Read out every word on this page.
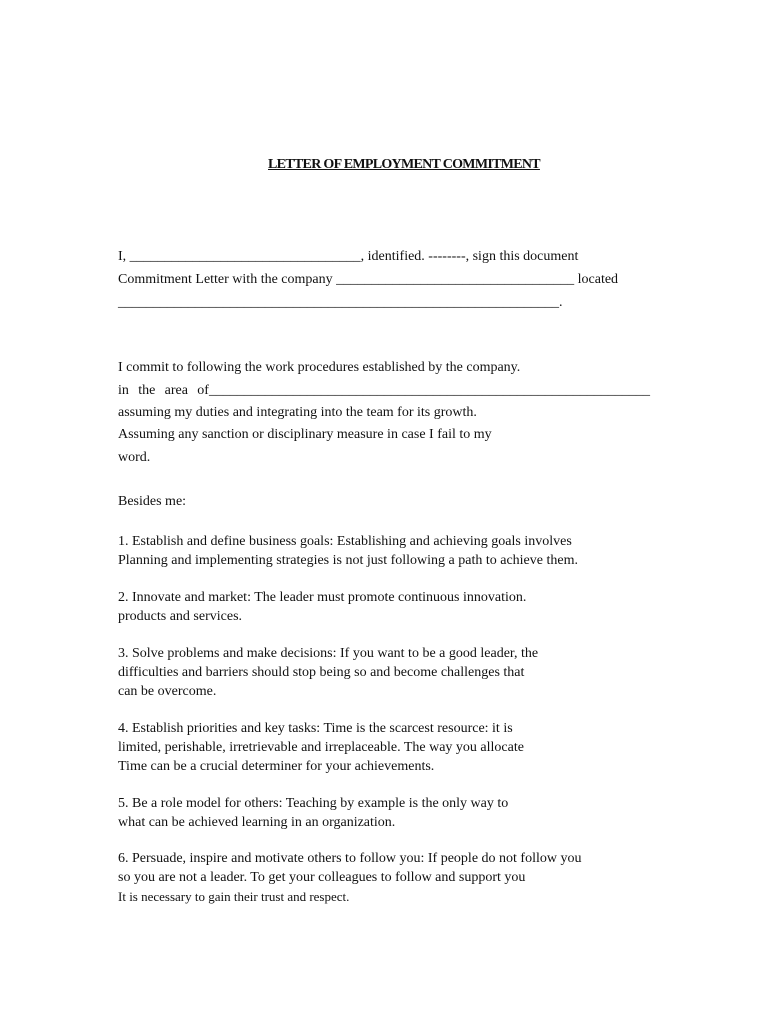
LETTER OF EMPLOYMENT COMMITMENT

I, _________________________________, identified. --------, sign this document

Commitment Letter with the company __________________________________ located

_______________________________________________________________.

I commit to following the work procedures established by the company.

in the area of_______________________________________________________________

assuming my duties and integrating into the team for its growth.

Assuming any sanction or disciplinary measure in case I fail to my

word.

Besides me:

1. Establish and define business goals: Establishing and achieving goals involves

Planning and implementing strategies is not just following a path to achieve them.

2. Innovate and market: The leader must promote continuous innovation.

products and services.

3. Solve problems and make decisions: If you want to be a good leader, the

difficulties and barriers should stop being so and become challenges that

can be overcome.

4. Establish priorities and key tasks: Time is the scarcest resource: it is

limited, perishable, irretrievable and irreplaceable. The way you allocate

Time can be a crucial determiner for your achievements.

5. Be a role model for others: Teaching by example is the only way to

what can be achieved learning in an organization.

6. Persuade, inspire and motivate others to follow you: If people do not follow you

so you are not a leader. To get your colleagues to follow and support you

It is necessary to gain their trust and respect.
